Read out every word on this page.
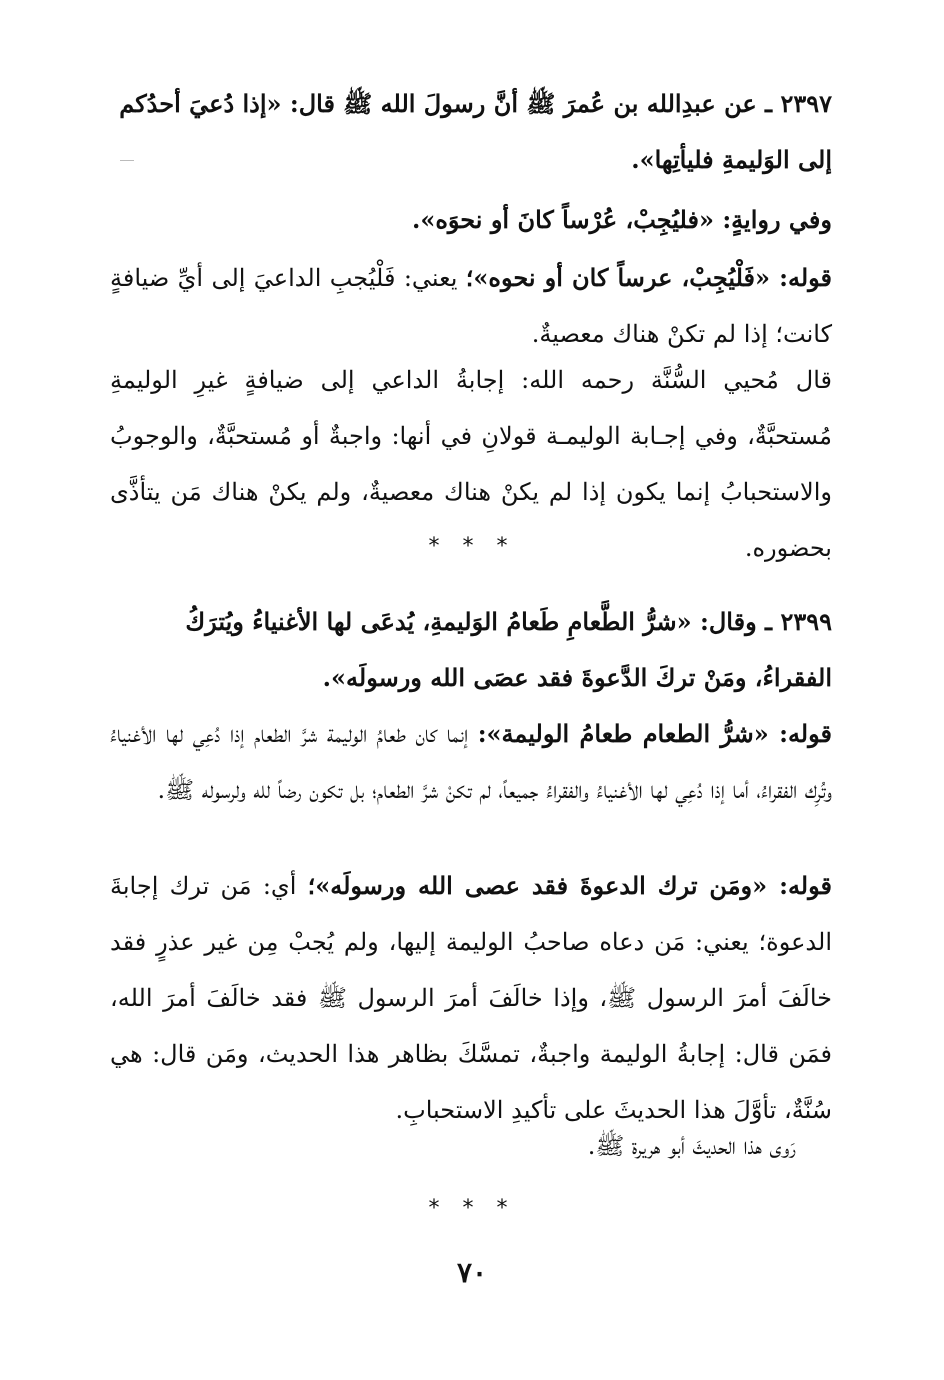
٢٣٩٧ ـ عن عبدِالله بن عُمرَ ﷺ أنَّ رسولَ الله ﷺ قال: «إذا دُعيَ أحدُكم
إلى الوَليمةِ فليأتِها».

وفي روايةٍ: «فليُجِبْ، عُرْساً كانَ أو نحوَه».

قوله: «فَلْيُجِبْ، عرساً كان أو نحوه»؛ يعني: فَلْيُجبِ الداعيَ إلى أيِّ ضيافةٍ كانت؛ إذا لم تكنْ هناك معصيةٌ.

قال مُحيي السُّنَّة رحمه الله: إجابةُ الداعي إلى ضيافةٍ غيرِ الوليمةِ مُستحبَّةٌ، وفي إجـابة الوليمـة قولانِ في أنها: واجبةٌ أو مُستحبَّةٌ، والوجوبُ والاستحبابُ إنما يكون إذا لم يكنْ هناك معصيةٌ، ولم يكنْ هناك مَن يتأذَّى بحضوره.

* * *

٢٣٩٩ ـ وقال: «شرُّ الطَّعامِ طَعامُ الوَليمةِ، يُدعَى لها الأغنياءُ ويُترَكُ
الفقراءُ، ومَنْ تركَ الدَّعوةَ فقد عصَى الله ورسولَه».

قوله: «شرُّ الطعام طعامُ الوليمة»: إنما كان طعامُ الوليمة شرَّ الطعام إذا دُعِي لها الأغنياءُ وتُرِك الفقراءُ، أما إذا دُعِي لها الأغنياءُ والفقراءُ جميعاً، لم تكنْ شرَّ الطعام؛ بل تكون رضاً لله ولرسوله ﷺ.

قوله: «ومَن ترك الدعوةَ فقد عصى الله ورسولَه»؛ أي: مَن ترك إجابةَ الدعوة؛ يعني: مَن دعاه صاحبُ الوليمة إليها، ولم يُجبْ مِن غير عذرٍ فقد خالَفَ أمرَ الرسول ﷺ، وإذا خالَفَ أمرَ الرسول ﷺ فقد خالَفَ أمرَ الله، فمَن قال: إجابةُ الوليمة واجبةٌ، تمسَّكَ بظاهر هذا الحديث، ومَن قال: هي سُنَّةٌ، تأوَّلَ هذا الحديثَ على تأكيدِ الاستحبابِ.

رَوى هذا الحديثَ أبو هريرة ﷺ.

* * *
٧٠
